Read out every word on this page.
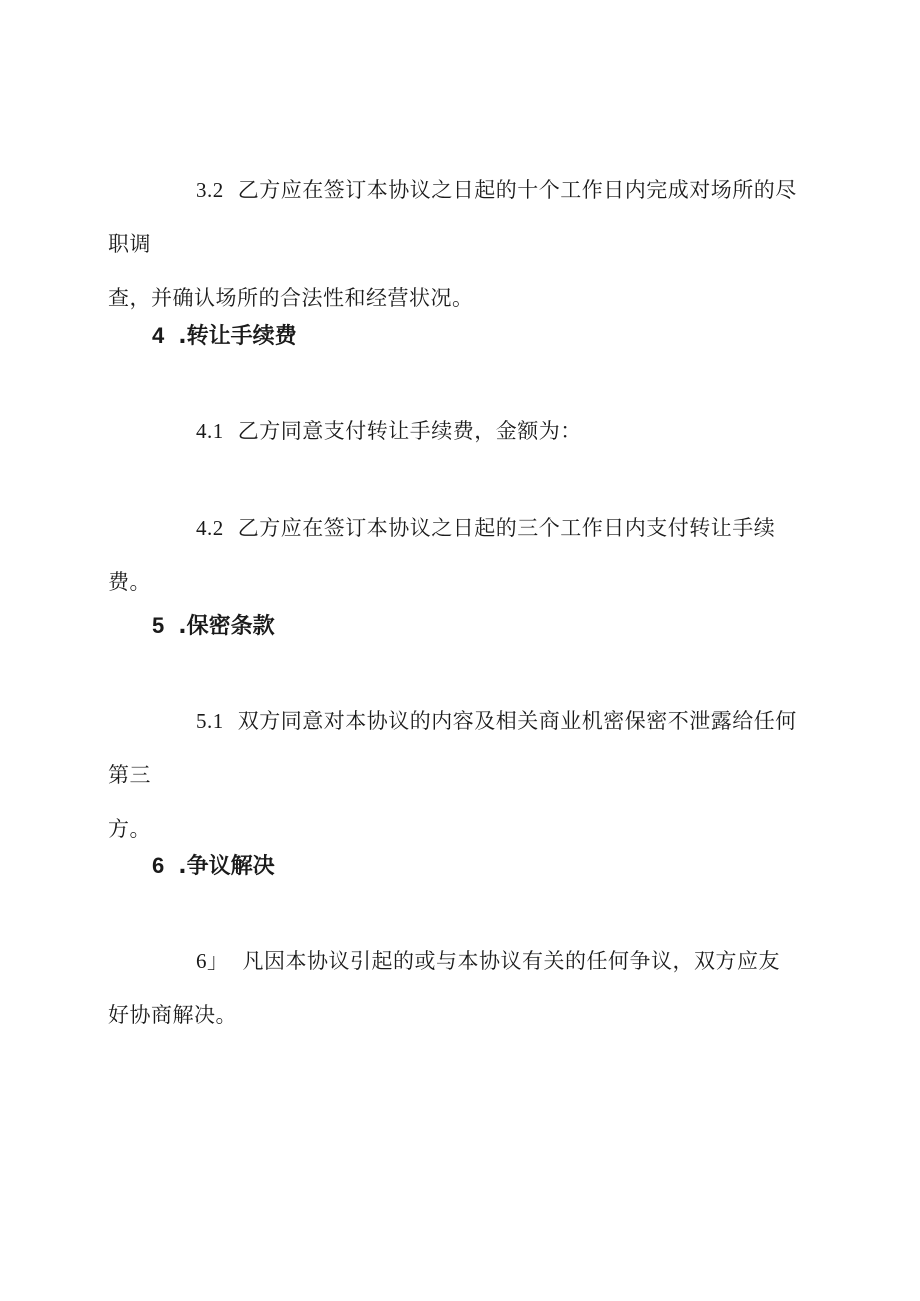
3.2 乙方应在签订本协议之日起的十个工作日内完成对场所的尽职调

查，并确认场所的合法性和经营状况。

4 .转让手续费

4.1 乙方同意支付转让手续费，金额为：

4.2 乙方应在签订本协议之日起的三个工作日内支付转让手续费。

5 .保密条款

5.1 双方同意对本协议的内容及相关商业机密保密不泄露给任何第三

方。

6 .争议解决

6」 凡因本协议引起的或与本协议有关的任何争议，双方应友

好协商解决。
